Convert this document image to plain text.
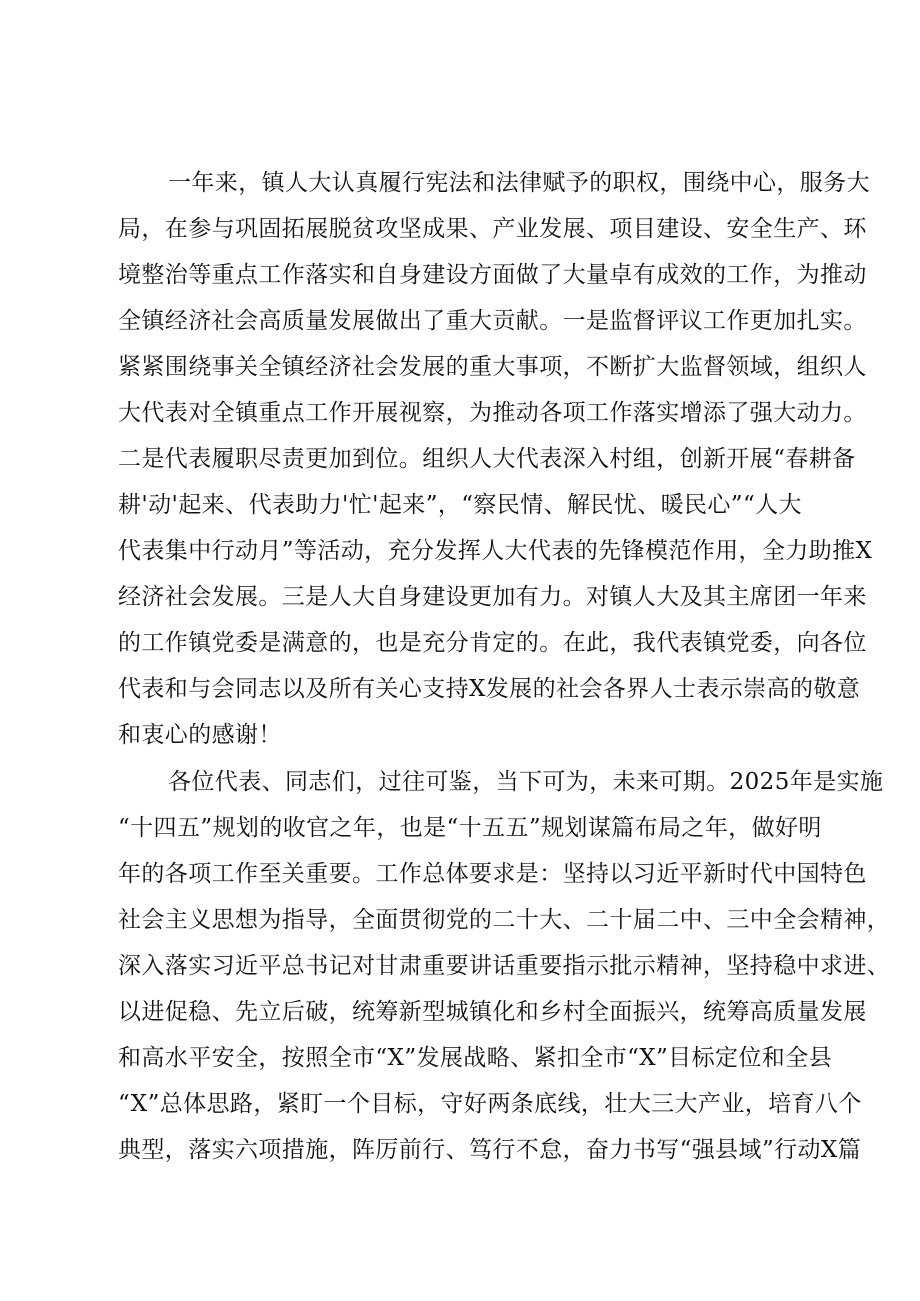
一年来，镇人大认真履行宪法和法律赋予的职权，围绕中心，服务大
局，在参与巩固拓展脱贫攻坚成果、产业发展、项目建设、安全生产、环
境整治等重点工作落实和自身建设方面做了大量卓有成效的工作，为推动
全镇经济社会高质量发展做出了重大贡献。一是监督评议工作更加扎实。
紧紧围绕事关全镇经济社会发展的重大事项，不断扩大监督领域，组织人
大代表对全镇重点工作开展视察，为推动各项工作落实增添了强大动力。
二是代表履职尽责更加到位。组织人大代表深入村组，创新开展“春耕备
耕'动'起来、代表助力'忙'起来”，“察民情、解民忧、暖民心”“人大
代表集中行动月”等活动，充分发挥人大代表的先锋模范作用，全力助推X
经济社会发展。三是人大自身建设更加有力。对镇人大及其主席团一年来
的工作镇党委是满意的，也是充分肯定的。在此，我代表镇党委，向各位
代表和与会同志以及所有关心支持X发展的社会各界人士表示崇高的敬意
和衷心的感谢！
各位代表、同志们，过往可鉴，当下可为，未来可期。2025年是实施
“十四五”规划的收官之年，也是“十五五”规划谋篇布局之年，做好明
年的各项工作至关重要。工作总体要求是：坚持以习近平新时代中国特色
社会主义思想为指导，全面贯彻党的二十大、二十届二中、三中全会精神，
深入落实习近平总书记对甘肃重要讲话重要指示批示精神，坚持稳中求进、
以进促稳、先立后破，统筹新型城镇化和乡村全面振兴，统筹高质量发展
和高水平安全，按照全市“X”发展战略、紧扣全市“X”目标定位和全县
“X”总体思路，紧盯一个目标，守好两条底线，壮大三大产业，培育八个
典型，落实六项措施，阵厉前行、笃行不怠，奋力书写“强县域”行动X篇
